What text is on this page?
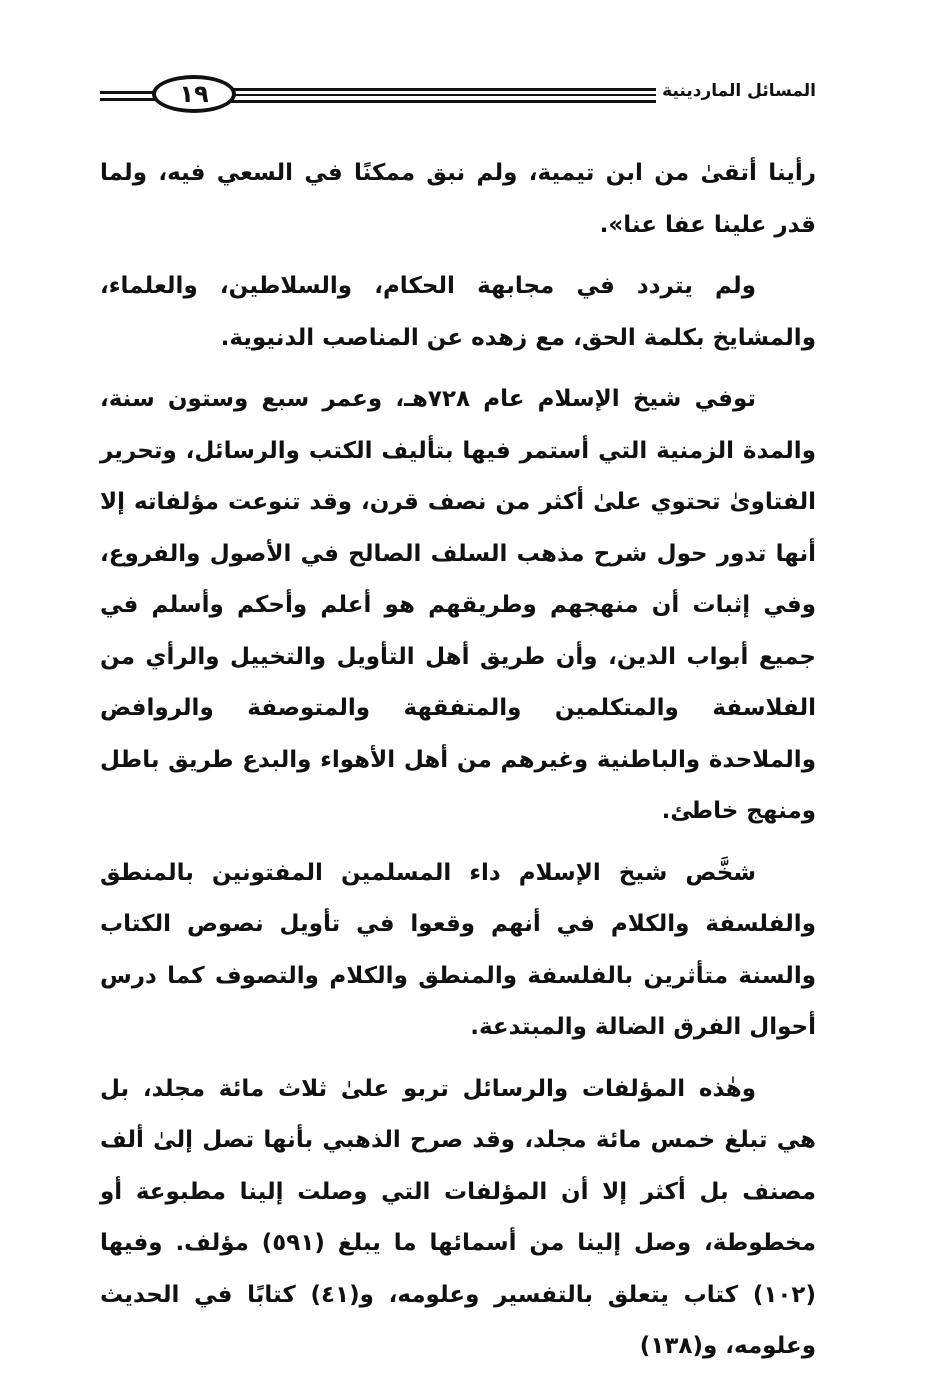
١٩	المسائل الماردينية

رأينا أتقىٰ من ابن تيمية، ولم نبق ممكنًا في السعي فيه، ولما قدر علينا عفا عنا».

ولم يتردد في مجابهة الحكام، والسلاطين، والعلماء، والمشايخ بكلمة الحق، مع زهده عن المناصب الدنيوية.

توفي شيخ الإسلام عام ٧٢٨هـ، وعمر سبع وستون سنة، والمدة الزمنية التي أستمر فيها بتأليف الكتب والرسائل، وتحرير الفتاوىٰ تحتوي علىٰ أكثر من نصف قرن، وقد تنوعت مؤلفاته إلا أنها تدور حول شرح مذهب السلف الصالح في الأصول والفروع، وفي إثبات أن منهجهم وطريقهم هو أعلم وأحكم وأسلم في جميع أبواب الدين، وأن طريق أهل التأويل والتخييل والرأي من الفلاسفة والمتكلمين والمتفقهة والمتوصفة والروافض والملاحدة والباطنية وغيرهم من أهل الأهواء والبدع طريق باطل ومنهج خاطئ.

شخَّص شيخ الإسلام داء المسلمين المفتونين بالمنطق والفلسفة والكلام في أنهم وقعوا في تأويل نصوص الكتاب والسنة متأثرين بالفلسفة والمنطق والكلام والتصوف كما درس أحوال الفرق الضالة والمبتدعة.

وهٰذه المؤلفات والرسائل تربو علىٰ ثلاث مائة مجلد، بل هي تبلغ خمس مائة مجلد، وقد صرح الذهبي بأنها تصل إلىٰ ألف مصنف بل أكثر إلا أن المؤلفات التي وصلت إلينا مطبوعة أو مخطوطة، وصل إلينا من أسمائها ما يبلغ (٥٩١) مؤلف. وفيها (١٠٢) كتاب يتعلق بالتفسير وعلومه، و(٤١) كتابًا في الحديث وعلومه، و(١٣٨)
